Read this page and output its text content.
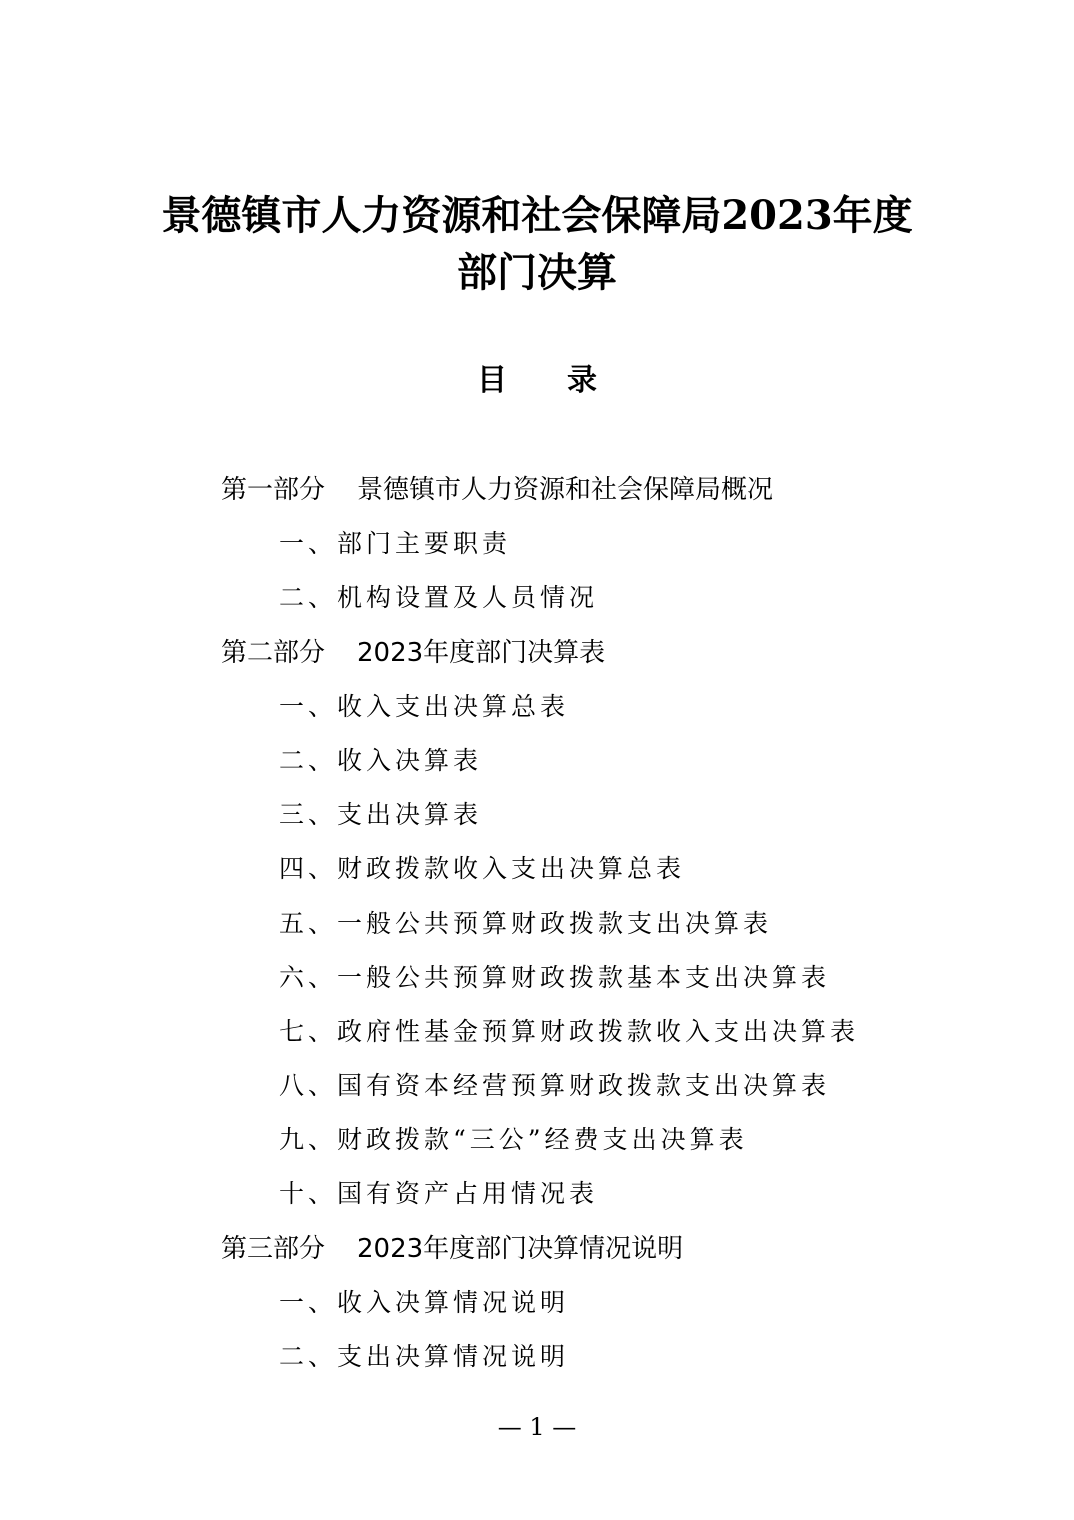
景德镇市人力资源和社会保障局2023年度
部门决算
目 录
第一部分 景德镇市人力资源和社会保障局概况
一、部门主要职责
二、机构设置及人员情况
第二部分 2023年度部门决算表
一、收入支出决算总表
二、收入决算表
三、支出决算表
四、财政拨款收入支出决算总表
五、一般公共预算财政拨款支出决算表
六、一般公共预算财政拨款基本支出决算表
七、政府性基金预算财政拨款收入支出决算表
八、国有资本经营预算财政拨款支出决算表
九、财政拨款“三公”经费支出决算表
十、国有资产占用情况表
第三部分 2023年度部门决算情况说明
一、收入决算情况说明
二、支出决算情况说明
— 1 —
